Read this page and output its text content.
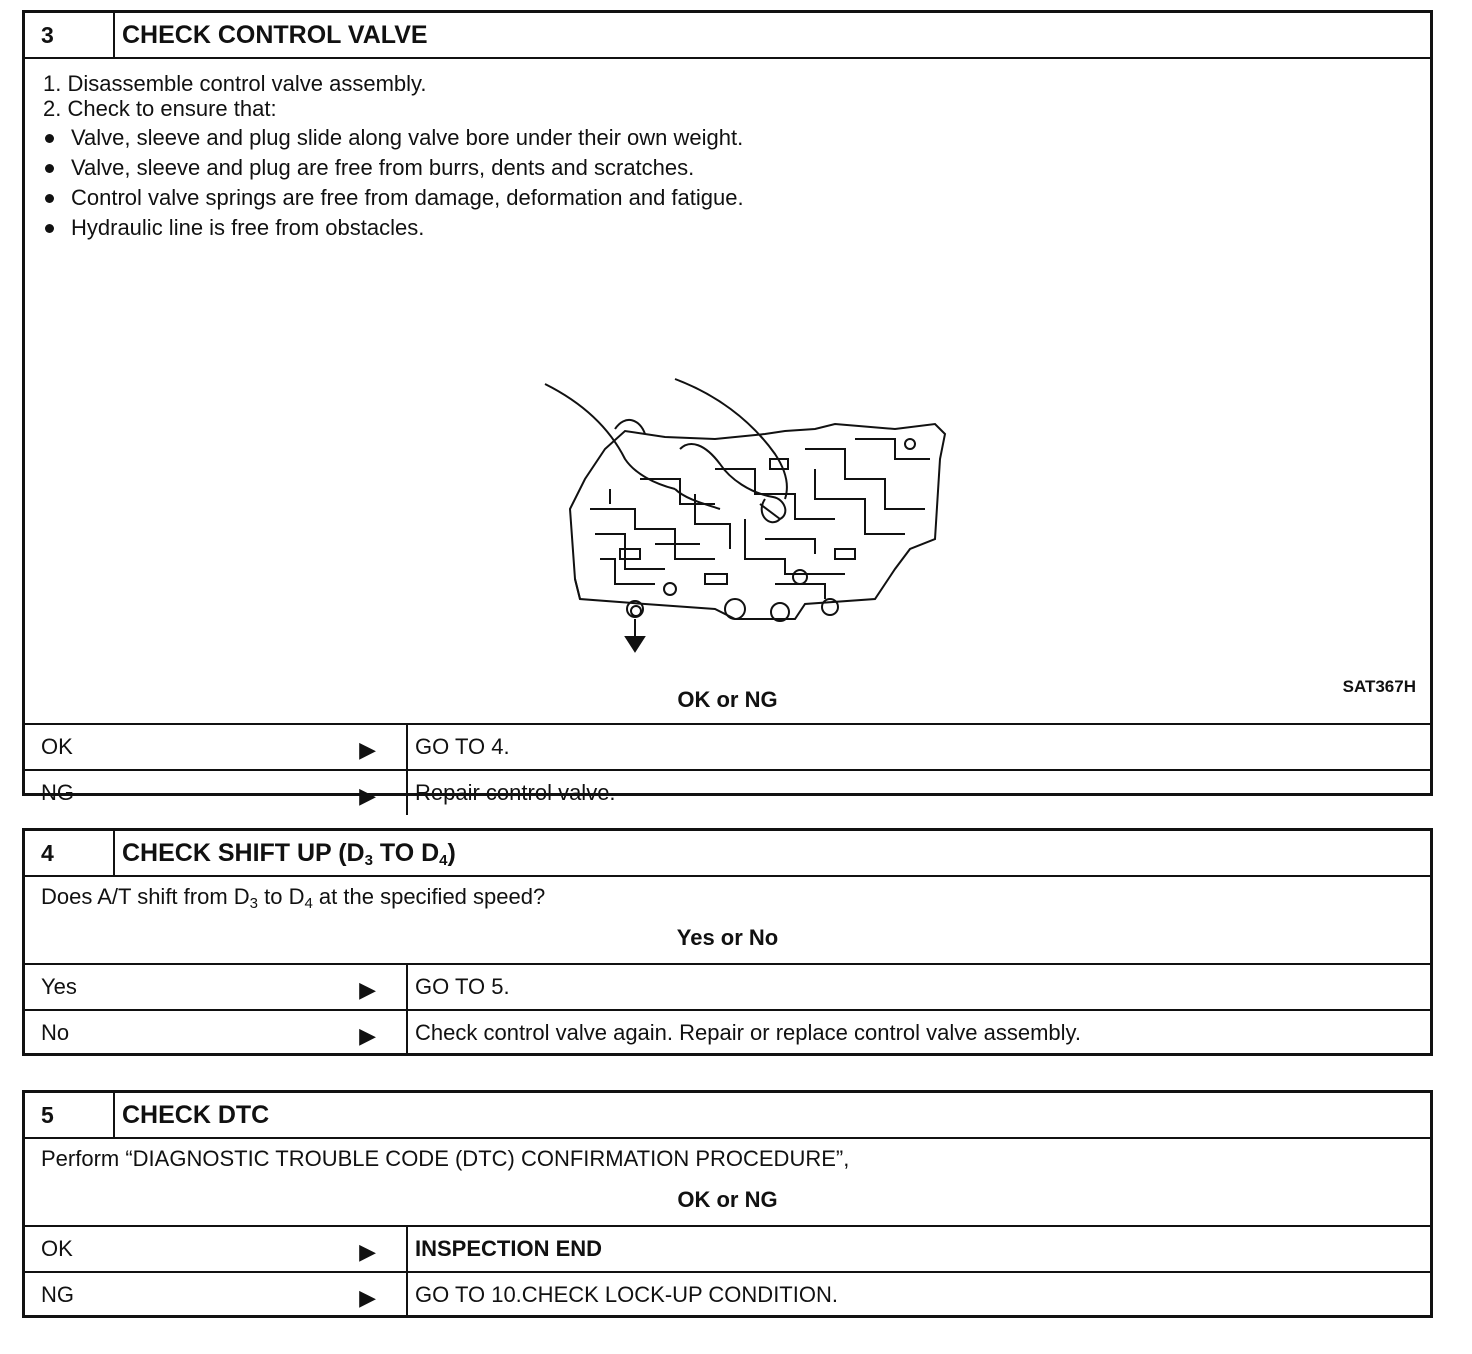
3	CHECK CONTROL VALVE
1. Disassemble control valve assembly.
2. Check to ensure that:
Valve, sleeve and plug slide along valve bore under their own weight.
Valve, sleeve and plug are free from burrs, dents and scratches.
Control valve springs are free from damage, deformation and fatigue.
Hydraulic line is free from obstacles.
SAT367H
OK or NG
OK	▶	GO TO 4.
NG	▶	Repair control valve.
4	CHECK SHIFT UP ($D_3$ TO $D_4$)
Does A/T shift from $D_3$ to $D_4$ at the specified speed?
Yes or No
Yes	▶	GO TO 5.
No	▶	Check control valve again. Repair or replace control valve assembly.
5	CHECK DTC
Perform “DIAGNOSTIC TROUBLE CODE (DTC) CONFIRMATION PROCEDURE”,
OK or NG
OK	▶	INSPECTION END
NG	▶	GO TO 10.CHECK LOCK-UP CONDITION.
